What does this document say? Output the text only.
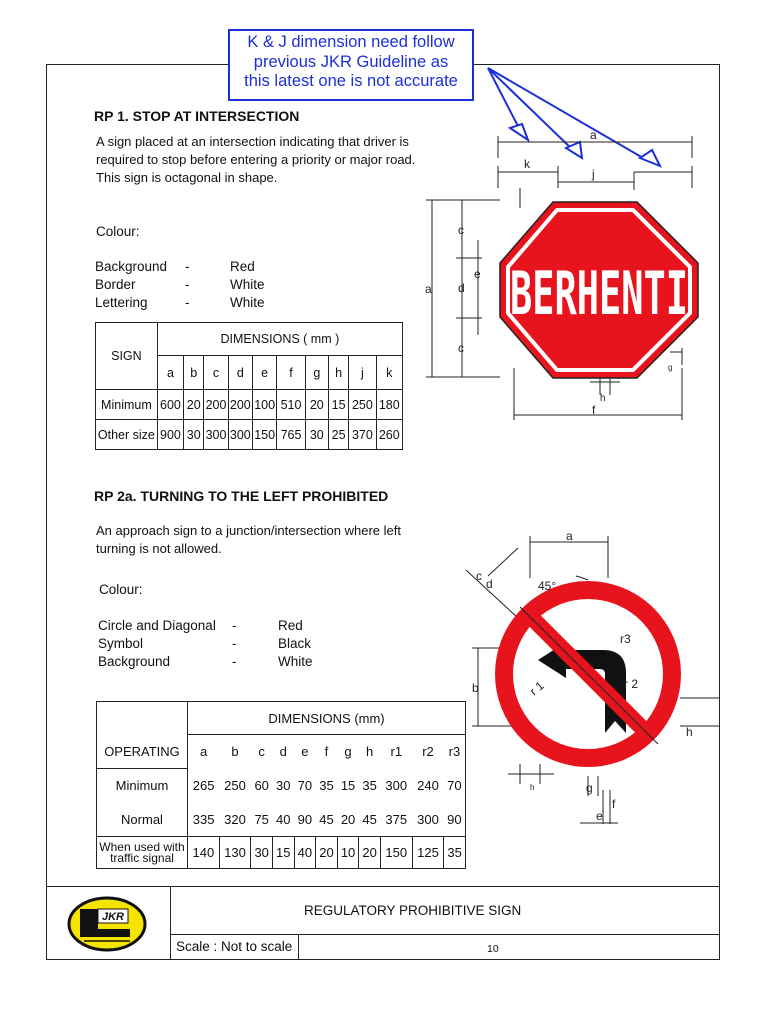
K & J dimension need follow
previous JKR Guideline as
this latest one is not accurate
RP 1. STOP AT INTERSECTION
A sign placed at an intersection indicating that driver is
required to stop before entering a priority or major road.
This sign is octagonal in shape.
Colour:
Background -	Red
Border	-	White
Lettering	-	White
SIGN	DIMENSIONS ( mm )									
	a	b	c	d	e	f	g	h	j	k
Minimum	600	20	200	200	100	510	20	15	250	180
Other size	900	30	300	300	150	765	30	25	370	260
BERHENTI
a
k
j
a
c
d
e
c
f
h
g
RP 2a. TURNING TO THE LEFT PROHIBITED
An approach sign to a junction/intersection where left
turning is not allowed.
Colour:
Circle and Diagonal -	Red
Symbol	-	Black
Background	-	White
	DIMENSIONS (mm)										
OPERATING	a	b	c	d	e	f	g	h	r1	r2	r3
Minimum	265	250	60	30	70	35	15	35	300	240	70
Normal	335	320	75	40	90	45	20	45	375	300	90

When used with
traffic signal	140	130	30	15	40	20	10	20	150	125	35
a
b
c
d	45°
r3
r 1	r 2
h
h	g
f
e
REGULATORY PROHIBITIVE SIGN
Scale : Not to scale	10
JKR
